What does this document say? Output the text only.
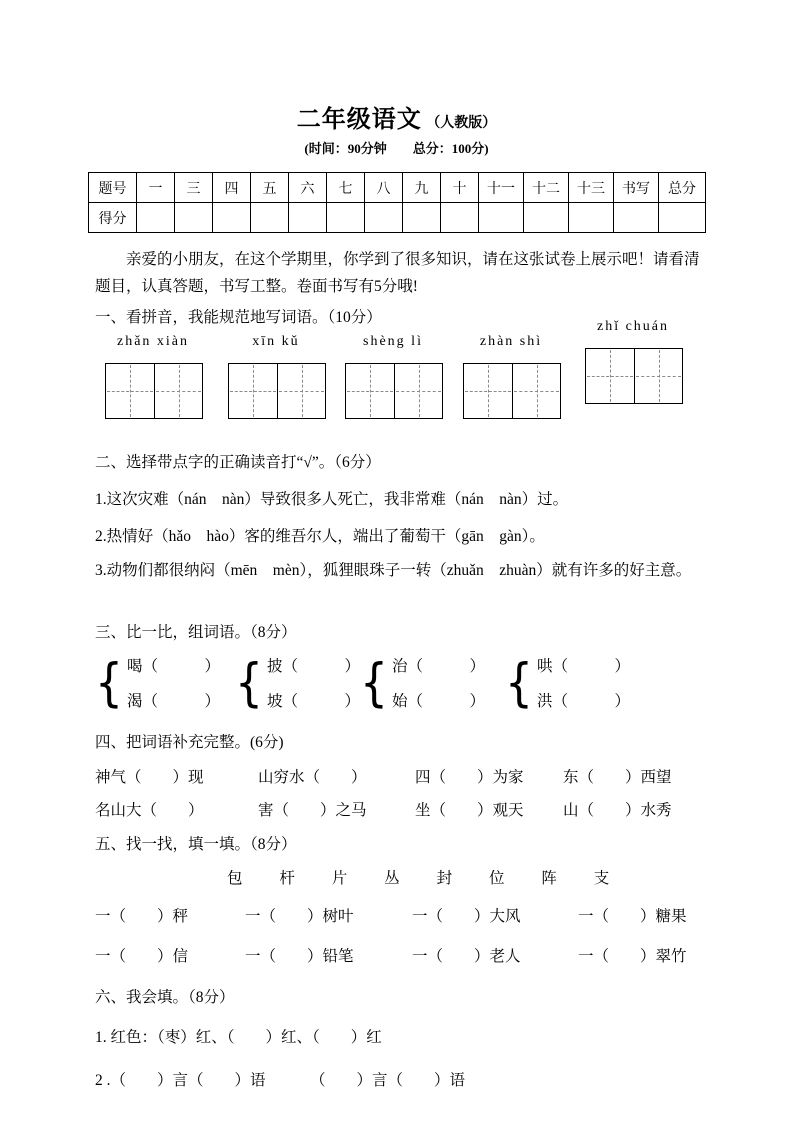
二年级语文 （人教版）
(时间：90分钟　　总分：100分)
题号	一	三	四	五	六	七	八	九	十	十一	十二	十三	书写	总分
得分														
亲爱的小朋友，在这个学期里，你学到了很多知识，请在这张试卷上展示吧！请看清题目，认真答题，书写工整。卷面书写有5分哦!
一、看拼音，我能规范地写词语。（10分）
zhǎn xiàn	xīn kǔ	shèng lì	zhàn shì
zhǐ chuán
二、选择带点字的正确读音打“√”。（6分）
1.这次灾难（nán　nàn）导致很多人死亡，我非常难（nán　nàn）过。
2.热情好（hǎo　hào）客的维吾尔人，端出了葡萄干（gān　gàn）。
3.动物们都很纳闷（mēn　mèn），狐狸眼珠子一转（zhuǎn　zhuàn）就有许多的好主意。
三、比一比，组词语。（8分）
{ 喝（　　　）
渴（　　　） { 披（　　　）
坡（　　　） { 治（　　　）
始（　　　） { 哄（　　　）
洪（　　　）
四、把词语补充完整。(6分)
神气（　　）现	山穷水（　　）	四（　　）为家	东（　　）西望
名山大（　　）	害（　　）之马	坐（　　）观天	山（　　）水秀
五、找一找，填一填。（8分）
包 杆 片 丛 封 位 阵 支
一（　　）秤	一（　　）树叶	一（　　）大风	一（　　）糖果
一（　　）信	一（　　）铅笔	一（　　）老人	一（　　）翠竹
六、我会填。（8分）
1. 红色：（枣）红、（　　）红、（　　）红
2 .（　　）言（　　）语	（　　）言（　　）语
